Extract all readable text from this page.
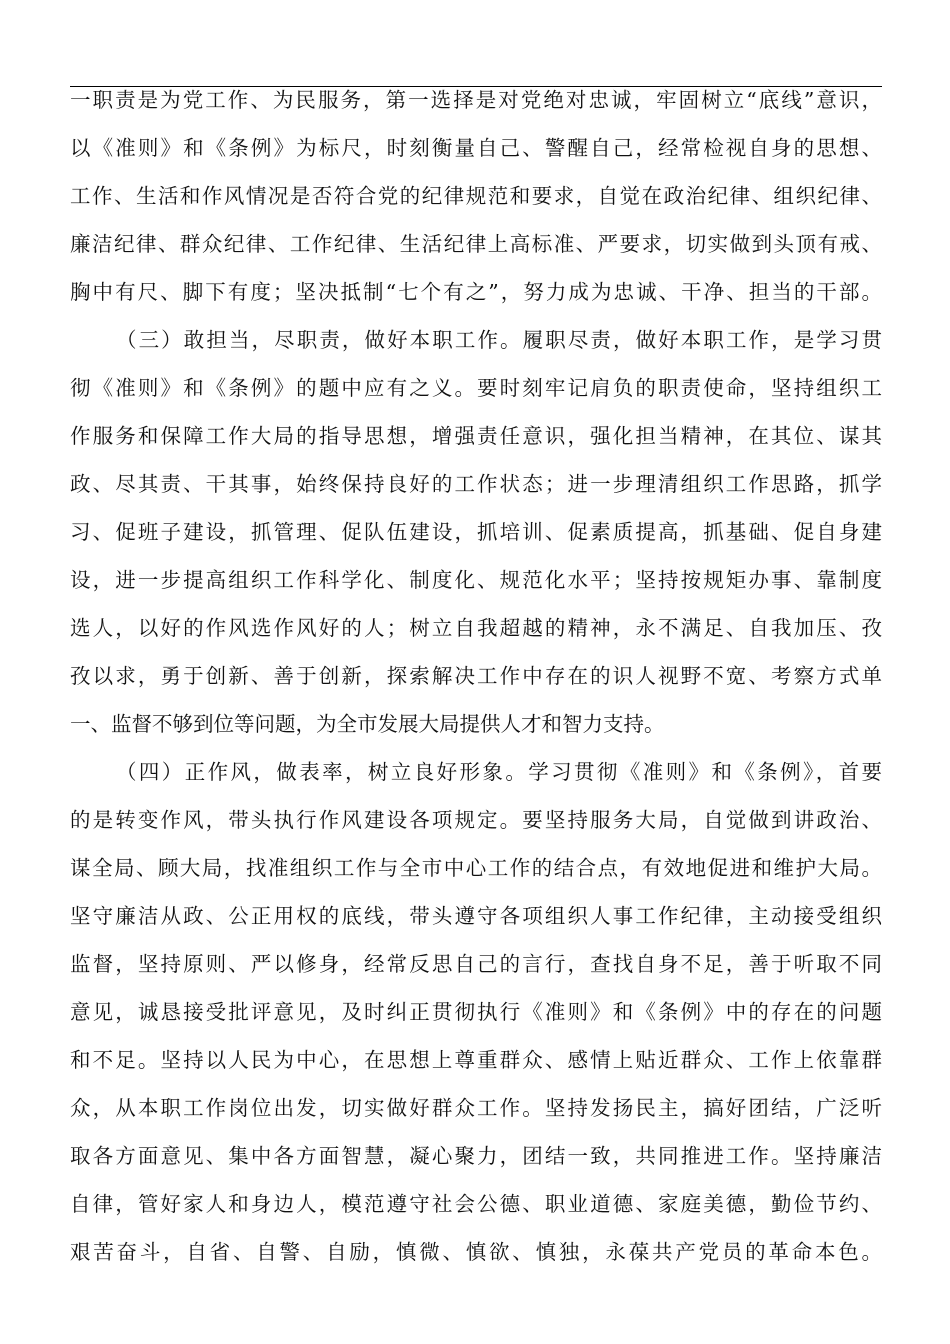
一职责是为党工作、为民服务，第一选择是对党绝对忠诚，牢固树立“底线”意识，
以《准则》和《条例》为标尺，时刻衡量自己、警醒自己，经常检视自身的思想、
工作、生活和作风情况是否符合党的纪律规范和要求，自觉在政治纪律、组织纪律、
廉洁纪律、群众纪律、工作纪律、生活纪律上高标准、严要求，切实做到头顶有戒、
胸中有尺、脚下有度；坚决抵制“七个有之”，努力成为忠诚、干净、担当的干部。
（三）敢担当，尽职责，做好本职工作。履职尽责，做好本职工作，是学习贯
彻《准则》和《条例》的题中应有之义。要时刻牢记肩负的职责使命，坚持组织工
作服务和保障工作大局的指导思想，增强责任意识，强化担当精神，在其位、谋其
政、尽其责、干其事，始终保持良好的工作状态；进一步理清组织工作思路，抓学
习、促班子建设，抓管理、促队伍建设，抓培训、促素质提高，抓基础、促自身建
设，进一步提高组织工作科学化、制度化、规范化水平；坚持按规矩办事、靠制度
选人，以好的作风选作风好的人；树立自我超越的精神，永不满足、自我加压、孜
孜以求，勇于创新、善于创新，探索解决工作中存在的识人视野不宽、考察方式单
一、监督不够到位等问题，为全市发展大局提供人才和智力支持。
（四）正作风，做表率，树立良好形象。学习贯彻《准则》和《条例》，首要
的是转变作风，带头执行作风建设各项规定。要坚持服务大局，自觉做到讲政治、
谋全局、顾大局，找准组织工作与全市中心工作的结合点，有效地促进和维护大局。
坚守廉洁从政、公正用权的底线，带头遵守各项组织人事工作纪律，主动接受组织
监督，坚持原则、严以修身，经常反思自己的言行，查找自身不足，善于听取不同
意见，诚恳接受批评意见，及时纠正贯彻执行《准则》和《条例》中的存在的问题
和不足。坚持以人民为中心，在思想上尊重群众、感情上贴近群众、工作上依靠群
众，从本职工作岗位出发，切实做好群众工作。坚持发扬民主，搞好团结，广泛听
取各方面意见、集中各方面智慧，凝心聚力，团结一致，共同推进工作。坚持廉洁
自律，管好家人和身边人，模范遵守社会公德、职业道德、家庭美德，勤俭节约、
艰苦奋斗，自省、自警、自励，慎微、慎欲、慎独，永葆共产党员的革命本色。
